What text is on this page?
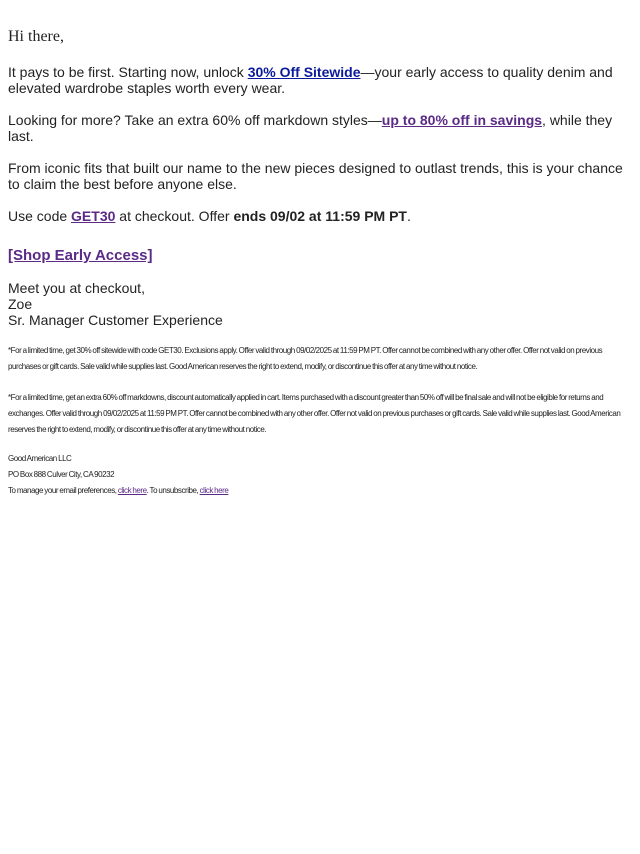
Hi there,

It pays to be first. Starting now, unlock 30% Off Sitewide—your early access to quality denim and elevated wardrobe staples worth every wear.

Looking for more? Take an extra 60% off markdown styles—up to 80% off in savings, while they last.

From iconic fits that built our name to the new pieces designed to outlast trends, this is your chance to claim the best before anyone else.

Use code GET30 at checkout. Offer ends 09/02 at 11:59 PM PT.

[Shop Early Access]
Meet you at checkout,
Zoe
Sr. Manager Customer Experience

*For a limited time, get 30% off sitewide with code GET30. Exclusions apply. Offer valid through 09/02/2025 at 11:59 PM PT. Offer cannot be combined with any other offer. Offer not valid on previous purchases or gift cards. Sale valid while supplies last. Good American reserves the right to extend, modify, or discontinue this offer at any time without notice.

*For a limited time, get an extra 60% off markdowns, discount automatically applied in cart. Items purchased with a discount greater than 50% off will be final sale and will not be eligible for returns and exchanges. Offer valid through 09/02/2025 at 11:59 PM PT. Offer cannot be combined with any other offer. Offer not valid on previous purchases or gift cards. Sale valid while supplies last. Good American reserves the right to extend, modify, or discontinue this offer at any time without notice.

Good American LLC

PO Box 888 Culver City, CA 90232

To manage your email preferences, click here. To unsubscribe, click here
